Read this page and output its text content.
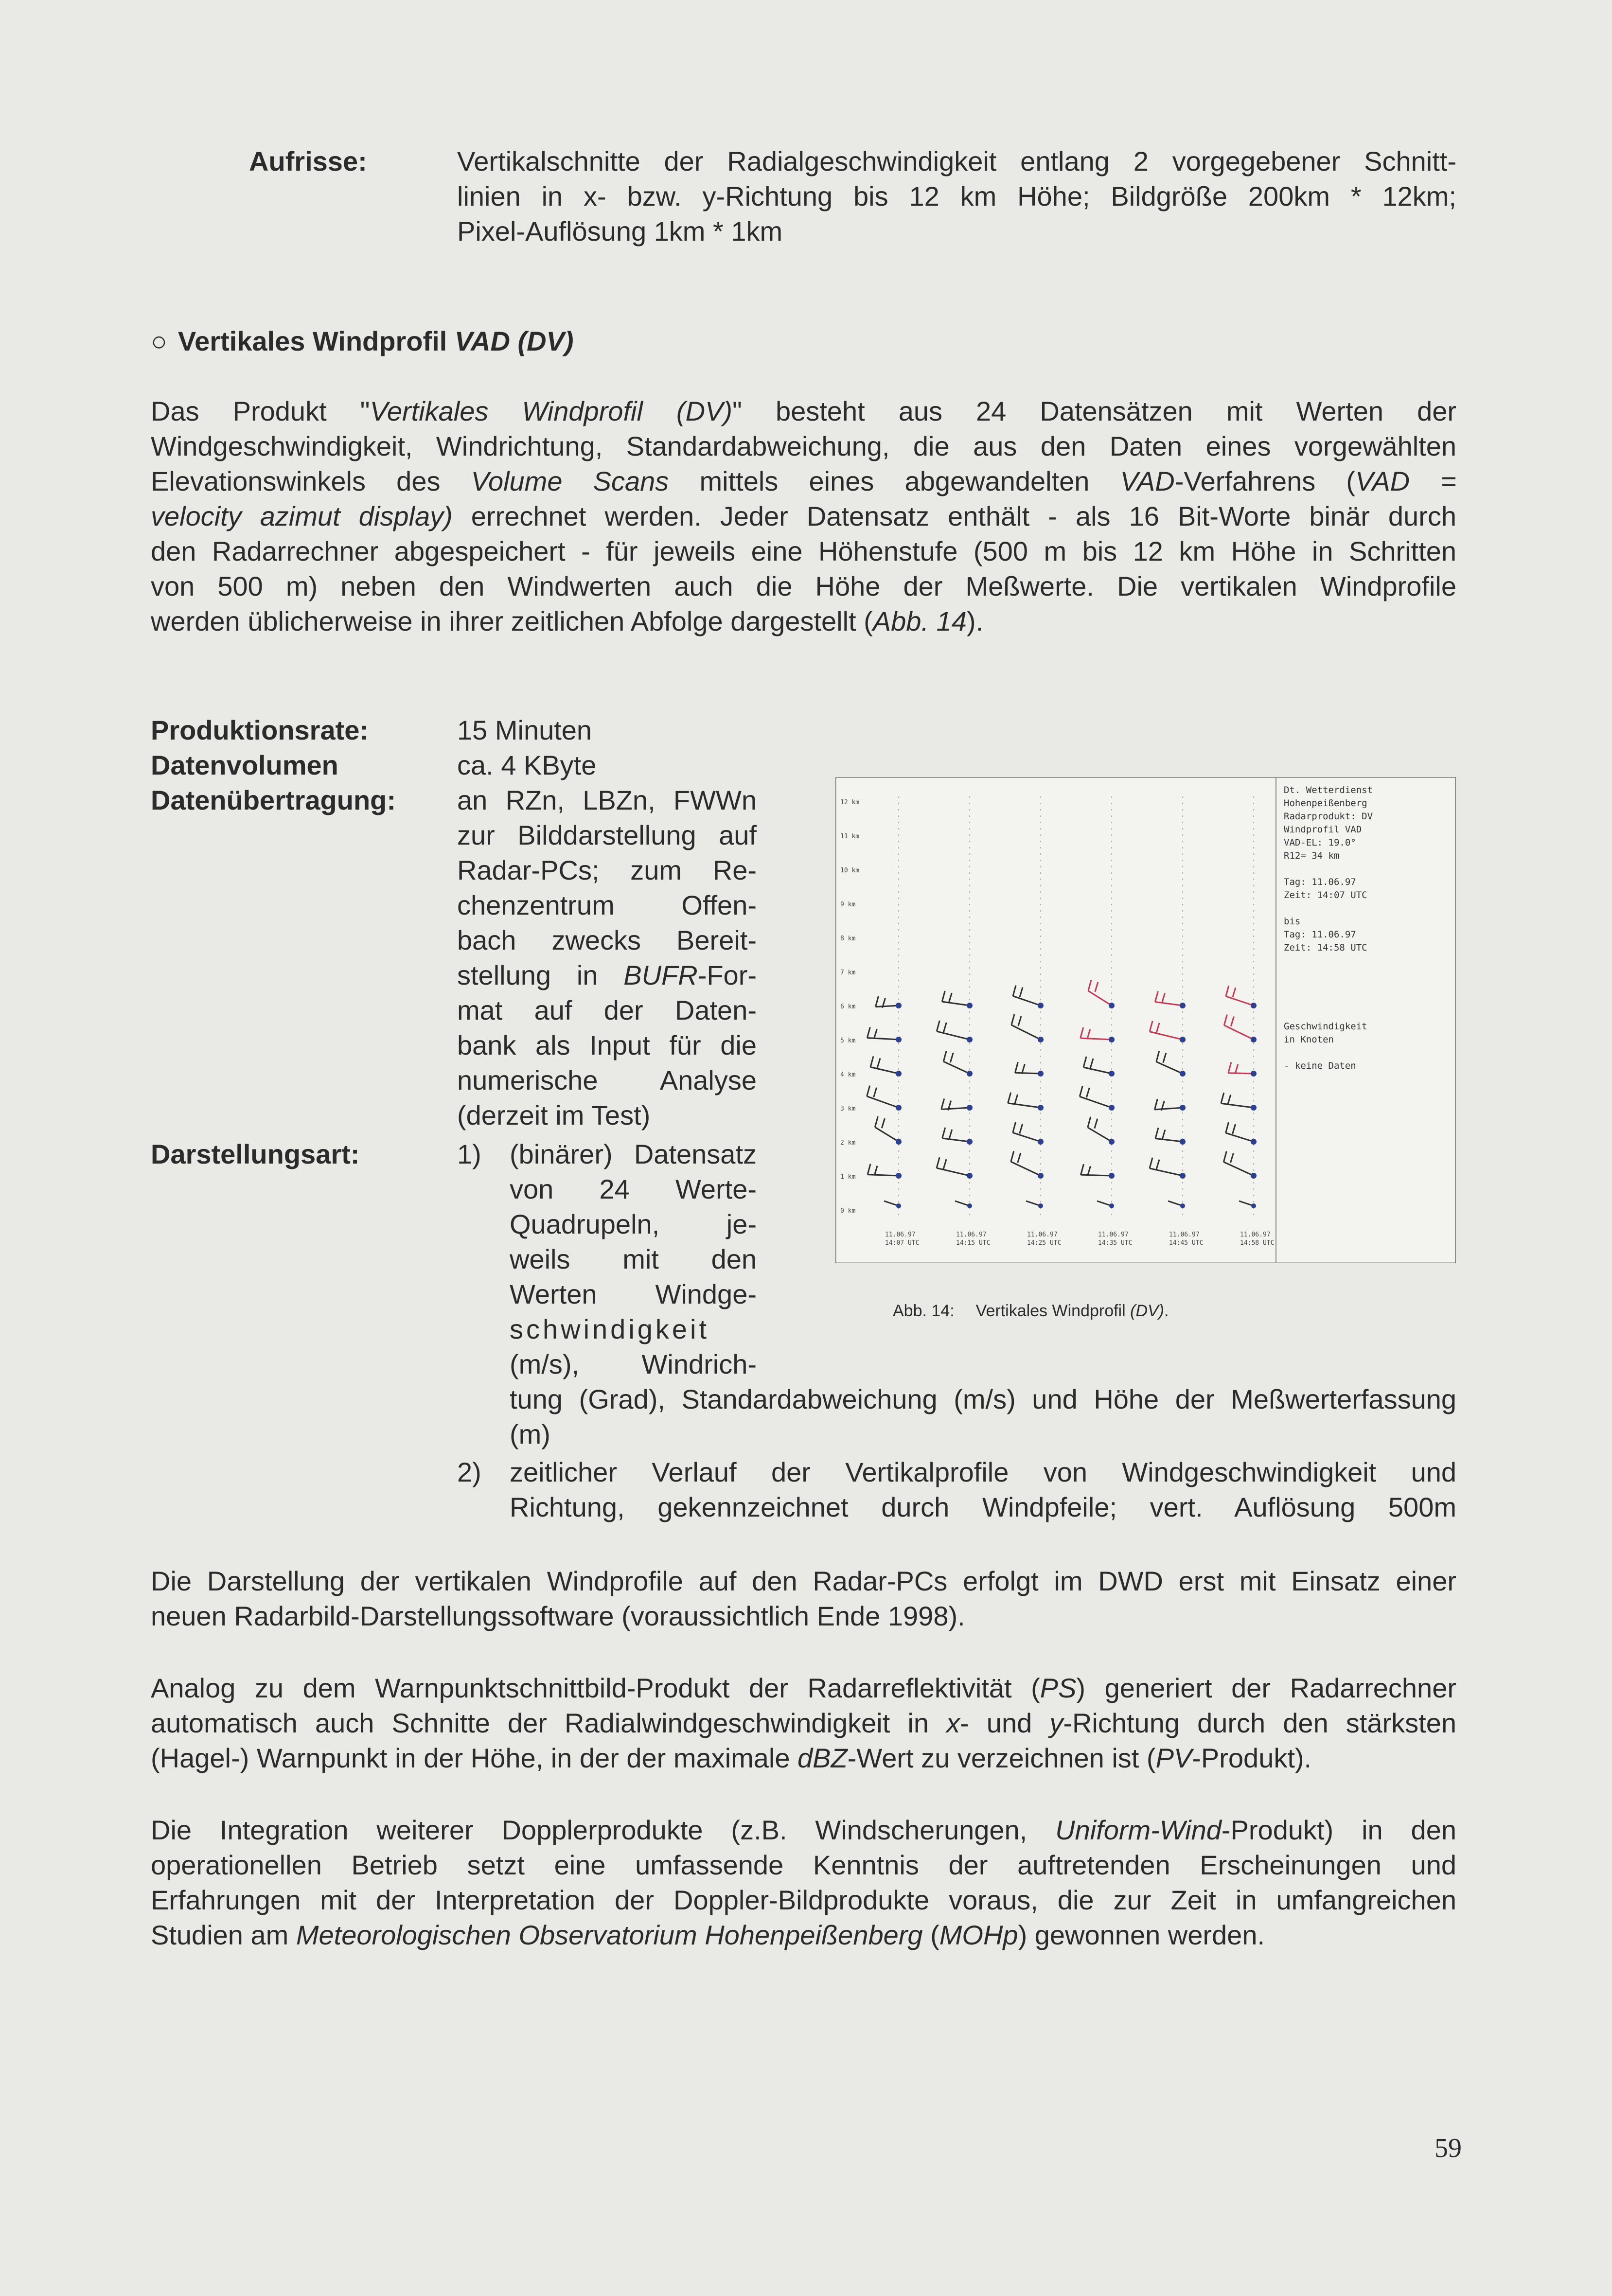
Aufrisse:	Vertikalschnitte der Radialgeschwindigkeit entlang 2 vorgegebener Schnitt-
linien in x- bzw. y-Richtung bis 12 km Höhe; Bildgröße 200km * 12km;
Pixel-Auflösung 1km * 1km
○ Vertikales Windprofil VAD (DV)
Das Produkt "Vertikales Windprofil (DV)" besteht aus 24 Datensätzen mit Werten der
Windgeschwindigkeit, Windrichtung, Standardabweichung, die aus den Daten eines vorgewählten
Elevationswinkels des Volume Scans mittels eines abgewandelten VAD-Verfahrens (VAD =
velocity azimut display) errechnet werden. Jeder Datensatz enthält - als 16 Bit-Worte binär durch
den Radarrechner abgespeichert - für jeweils eine Höhenstufe (500 m bis 12 km Höhe in Schritten
von 500 m) neben den Windwerten auch die Höhe der Meßwerte. Die vertikalen Windprofile
werden üblicherweise in ihrer zeitlichen Abfolge dargestellt (Abb. 14).
Produktionsrate:	15 Minuten
Datenvolumen	ca. 4 KByte
Datenübertragung: an RZn, LBZn, FWWn
zur Bilddarstellung auf
Radar-PCs; zum Re-
chenzentrum Offen-
bach zwecks Bereit-
stellung in BUFR-For-
mat auf der Daten-
bank als Input für die
numerische Analyse
(derzeit im Test)
Darstellungsart:	1) (binärer) Datensatz
von 24 Werte-
Quadrupeln, je-
weils mit den
Werten Windge-
schwindigkeit
(m/s), Windrich-
tung (Grad), Standardabweichung (m/s) und Höhe der Meßwerterfassung
(m)
2) zeitlicher Verlauf der Vertikalprofile von Windgeschwindigkeit und
Richtung, gekennzeichnet durch Windpfeile; vert. Auflösung 500m
Die Darstellung der vertikalen Windprofile auf den Radar-PCs erfolgt im DWD erst mit Einsatz einer
neuen Radarbild-Darstellungssoftware (voraussichtlich Ende 1998).
Analog zu dem Warnpunktschnittbild-Produkt der Radarreflektivität (PS) generiert der Radarrechner
automatisch auch Schnitte der Radialwindgeschwindigkeit in x- und y-Richtung durch den stärksten
(Hagel-) Warnpunkt in der Höhe, in der der maximale dBZ-Wert zu verzeichnen ist (PV-Produkt).
Die Integration weiterer Dopplerprodukte (z.B. Windscherungen, Uniform-Wind-Produkt) in den
operationellen Betrieb setzt eine umfassende Kenntnis der auftretenden Erscheinungen und
Erfahrungen mit der Interpretation der Doppler-Bildprodukte voraus, die zur Zeit in umfangreichen
Studien am Meteorologischen Observatorium Hohenpeißenberg (MOHp) gewonnen werden.
12 km
11 km
10 km
9 km
8 km
7 km
6 km
5 km
4 km
3 km
2 km
1 km
0 km
11.06.97
14:07 UTC
11.06.97
14:15 UTC
11.06.97
14:25 UTC
11.06.97
14:35 UTC
11.06.97
14:45 UTC
11.06.97
14:58 UTC
Dt. Wetterdienst
Hohenpeißenberg
Radarprodukt: DV
Windprofil VAD
VAD-EL: 19.0°
R12= 34 km

Tag: 11.06.97
Zeit: 14:07 UTC

bis
Tag: 11.06.97
Zeit: 14:58 UTC

Geschwindigkeit
in Knoten

- keine Daten
Abb. 14: Vertikales Windprofil (DV).
59
